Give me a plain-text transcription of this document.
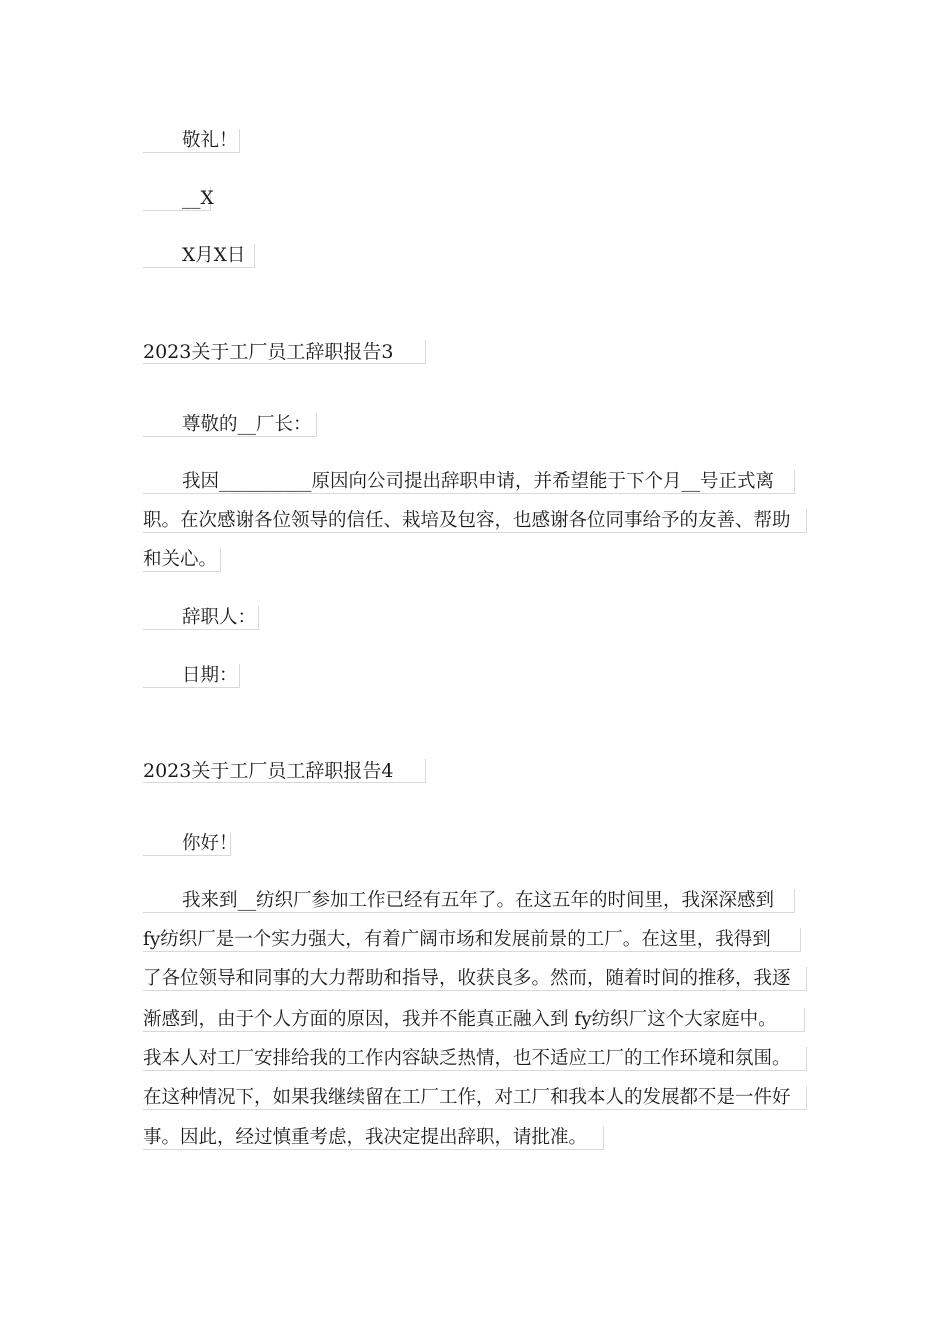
敬礼！
__X
X月X日
2023关于工厂员工辞职报告3
尊敬的__厂长：
我因__________原因向公司提出辞职申请，并希望能于下个月__号正式离
职。在次感谢各位领导的信任、栽培及包容，也感谢各位同事给予的友善、帮助
和关心。
辞职人：
日期：
2023关于工厂员工辞职报告4
你好！
我来到__纺织厂参加工作已经有五年了。在这五年的时间里，我深深感到
fy纺织厂是一个实力强大，有着广阔市场和发展前景的工厂。在这里，我得到
了各位领导和同事的大力帮助和指导，收获良多。然而，随着时间的推移，我逐
渐感到，由于个人方面的原因，我并不能真正融入到 fy纺织厂这个大家庭中。
我本人对工厂安排给我的工作内容缺乏热情，也不适应工厂的工作环境和氛围。
在这种情况下，如果我继续留在工厂工作，对工厂和我本人的发展都不是一件好
事。因此，经过慎重考虑，我决定提出辞职，请批准。
